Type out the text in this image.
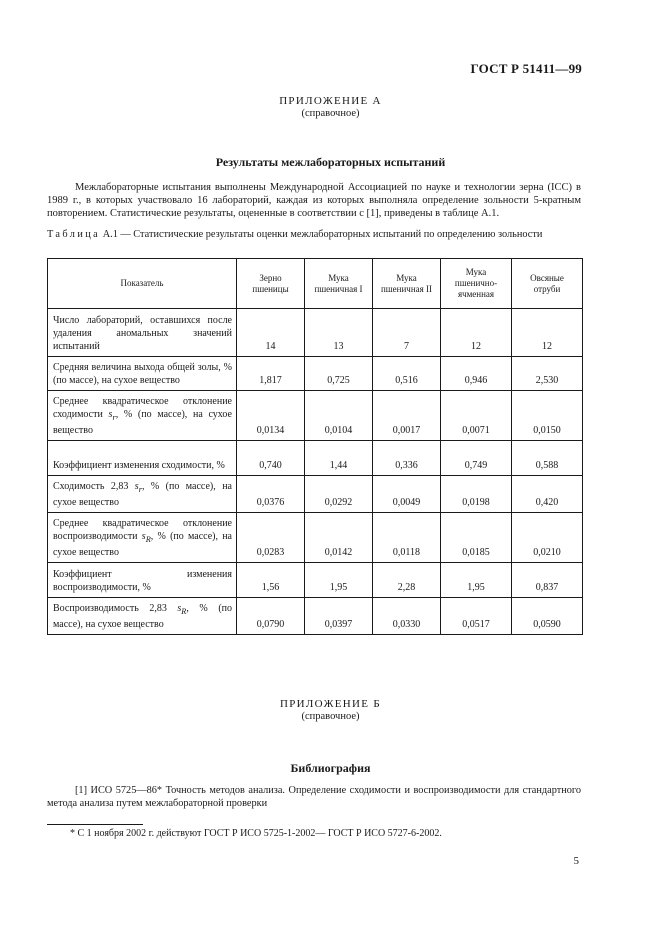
ГОСТ Р 51411—99
ПРИЛОЖЕНИЕ А
(справочное)
Результаты межлабораторных испытаний
Межлабораторные испытания выполнены Международной Ассоциацией по науке и технологии зерна (ICC) в 1989 г., в которых участвовало 16 лабораторий, каждая из которых выполняла определение зольности 5-кратным повторением. Статистические результаты, оцененные в соответствии с [1], приведены в таблице А.1.
Таблица А.1 — Статистические результаты оценки межлабораторных испытаний по определению зольности
Показатель	Зерно пшеницы	Мука пшеничная I	Мука пшеничная II	Мука пшенично-ячменная	Овсяные отруби
Число лабораторий, оставшихся после удаления аномальных значений испытаний	14	13	7	12	12
Средняя величина выхода общей золы, % (по массе), на сухое вещество	1,817	0,725	0,516	0,946	2,530
Среднее квадратическое отклонение сходимости $s_r$, % (по массе), на сухое вещество	0,0134	0,0104	0,0017	0,0071	0,0150
Коэффициент изменения сходимости, %	0,740	1,44	0,336	0,749	0,588
Сходимость 2,83 $s_r$, % (по массе), на сухое вещество	0,0376	0,0292	0,0049	0,0198	0,420
Среднее квадратическое отклонение воспроизводимости $s_R$, % (по массе), на сухое вещество	0,0283	0,0142	0,0118	0,0185	0,0210
Коэффициент изменения воспроизводимости, %	1,56	1,95	2,28	1,95	0,837
Воспроизводимость 2,83 $s_R$, % (по массе), на сухое вещество	0,0790	0,0397	0,0330	0,0517	0,0590
ПРИЛОЖЕНИЕ Б
(справочное)
Библиография
[1] ИСО 5725—86* Точность методов анализа. Определение сходимости и воспроизводимости для стандартного метода анализа путем межлабораторной проверки
* С 1 ноября 2002 г. действуют ГОСТ Р ИСО 5725-1-2002— ГОСТ Р ИСО 5727-6-2002.
5
